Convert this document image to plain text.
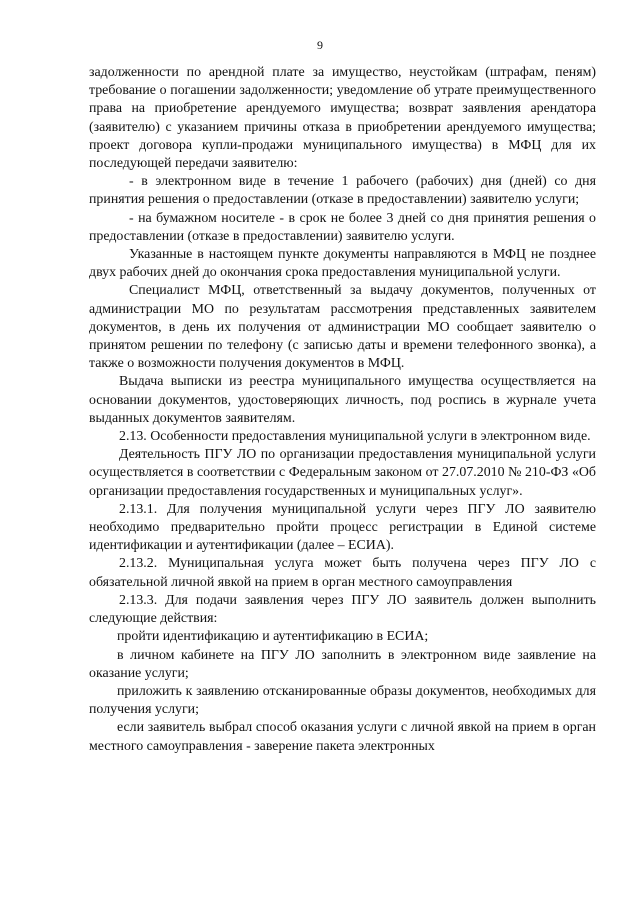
9

задолженности по арендной плате за имущество, неустойкам (штрафам, пеням) требование о погашении задолженности; уведомление об утрате преимущественного права на приобретение арендуемого имущества; возврат заявления арендатора (заявителю) с указанием причины отказа в приобретении арендуемого имущества; проект договора купли-продажи муниципального имущества) в МФЦ для их последующей передачи заявителю:

- в электронном виде в течение 1 рабочего (рабочих) дня (дней) со дня принятия решения о предоставлении (отказе в предоставлении) заявителю услуги;

- на бумажном носителе - в срок не более 3 дней со дня принятия решения о предоставлении (отказе в предоставлении) заявителю услуги.

Указанные в настоящем пункте документы направляются в МФЦ не позднее двух рабочих дней до окончания срока предоставления муниципальной услуги.

Специалист МФЦ, ответственный за выдачу документов, полученных от администрации МО по результатам рассмотрения представленных заявителем документов, в день их получения от администрации МО сообщает заявителю о принятом решении по телефону (с записью даты и времени телефонного звонка), а также о возможности получения документов в МФЦ.

Выдача выписки из реестра муниципального имущества осуществляется на основании документов, удостоверяющих личность, под роспись в журнале учета выданных документов заявителям.

2.13. Особенности предоставления муниципальной услуги в электронном виде.

Деятельность ПГУ ЛО по организации предоставления муниципальной услуги осуществляется в соответствии с Федеральным законом от 27.07.2010 № 210-ФЗ «Об организации предоставления государственных и муниципальных услуг».

2.13.1. Для получения муниципальной услуги через ПГУ ЛО заявителю необходимо предварительно пройти процесс регистрации в Единой системе идентификации и аутентификации (далее – ЕСИА).

2.13.2. Муниципальная услуга может быть получена через ПГУ ЛО с обязательной личной явкой на прием в орган местного самоуправления

2.13.3. Для подачи заявления через ПГУ ЛО заявитель должен выполнить следующие действия:

пройти идентификацию и аутентификацию в ЕСИА;

в личном кабинете на ПГУ ЛО заполнить в электронном виде заявление на оказание услуги;

приложить к заявлению отсканированные образы документов, необходимых для получения услуги;

если заявитель выбрал способ оказания услуги с личной явкой на прием в орган местного самоуправления - заверение пакета электронных
